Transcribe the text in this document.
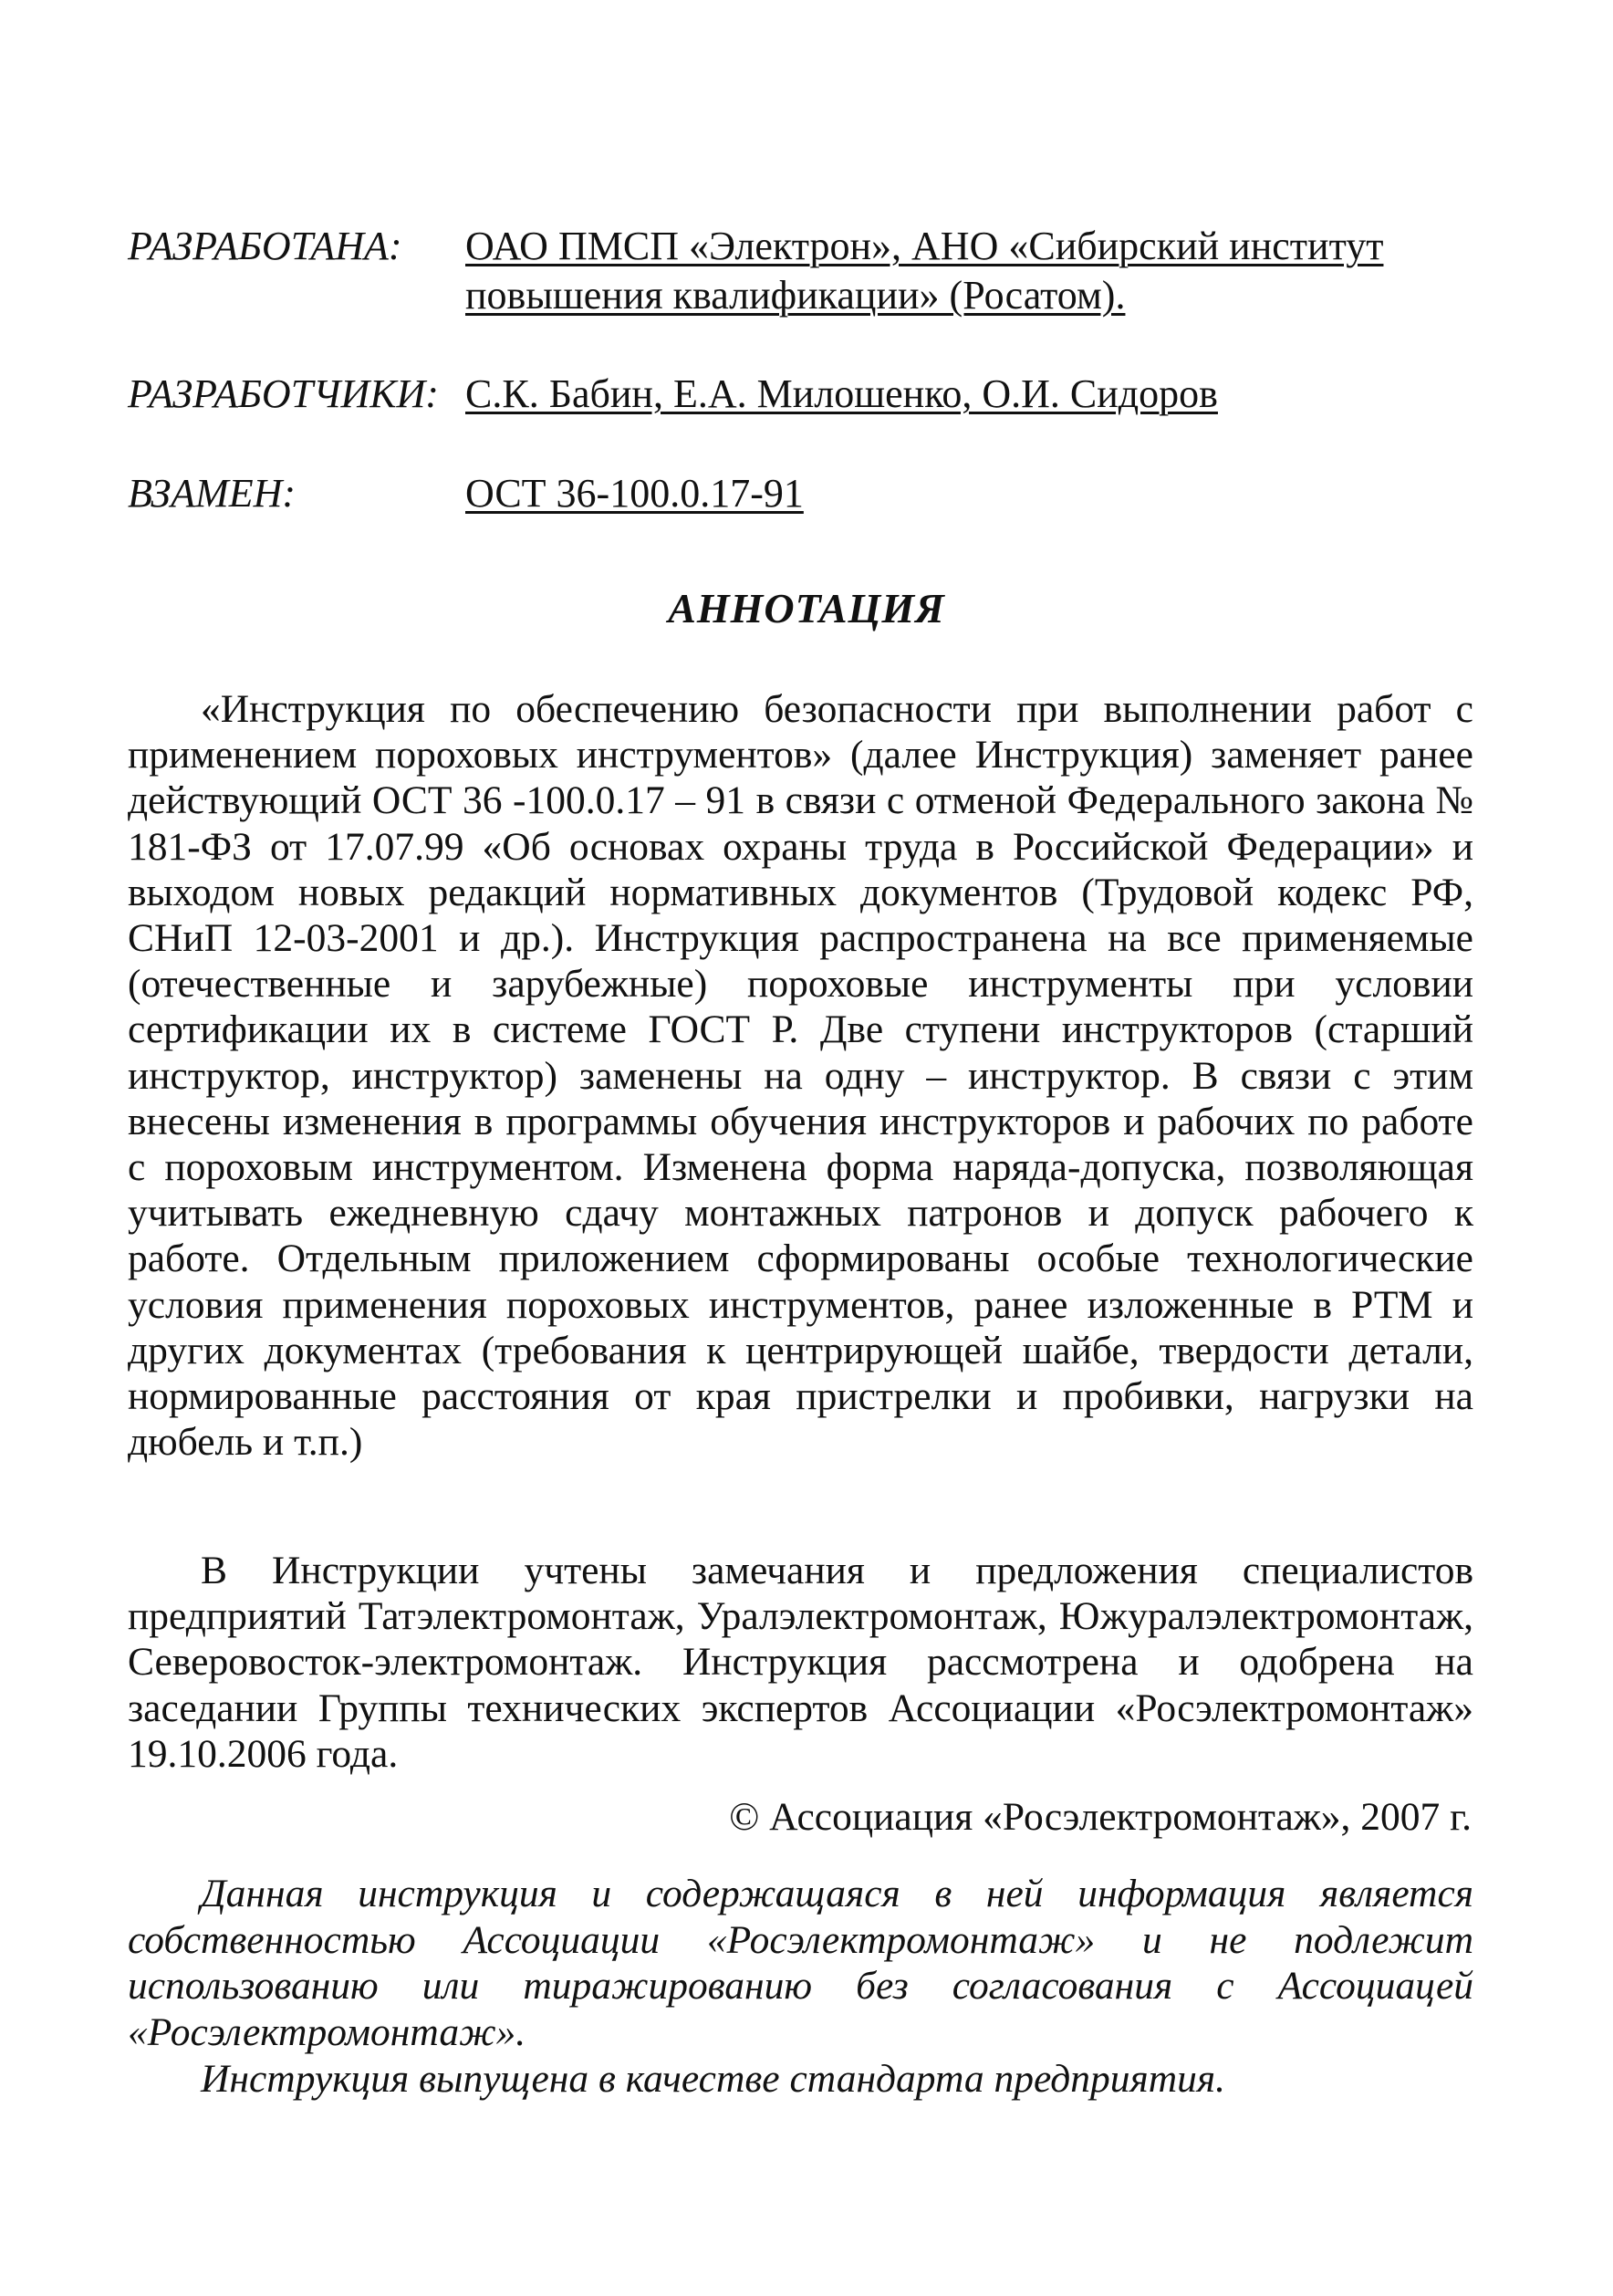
РАЗРАБОТАНА: ОАО ПМСП «Электрон», АНО «Сибирский институт
повышения квалификации» (Росатом).
РАЗРАБОТЧИКИ: С.К. Бабин, Е.А. Милошенко, О.И. Сидоров
ВЗАМЕН:	ОСТ 36-100.0.17-91
АННОТАЦИЯ

«Инструкция по обеспечению безопасности при выполнении работ с применением пороховых инструментов» (далее Инструкция) заменяет ранее действующий ОСТ 36 -100.0.17 – 91 в связи с отменой Федерального закона № 181-ФЗ от 17.07.99 «Об основах охраны труда в Российской Федерации» и выходом новых редакций нормативных документов (Трудовой кодекс РФ, СНиП 12-03-2001 и др.). Инструкция распространена на все применяемые (отечественные и зарубежные) пороховые инструменты при условии сертификации их в системе ГОСТ Р. Две ступени инструкторов (старший инструктор, инструктор) заменены на одну – инструктор. В связи с этим внесены изменения в программы обучения инструкторов и рабочих по работе с пороховым инструментом. Изменена форма наряда-допуска, позволяющая учитывать ежедневную сдачу монтажных патронов и допуск рабочего к работе. Отдельным приложением сформированы особые технологические условия применения пороховых инструментов, ранее изложенные в РТМ и других документах (требования к центрирующей шайбе, твердости детали, нормированные расстояния от края пристрелки и пробивки, нагрузки на дюбель и т.п.)

В Инструкции учтены замечания и предложения специалистов предприятий Татэлектромонтаж, Уралэлектромонтаж, Южуралэлектромонтаж, Северовосток-электромонтаж. Инструкция рассмотрена и одобрена на заседании Группы технических экспертов Ассоциации «Росэлектромонтаж» 19.10.2006 года.

© Ассоциация «Росэлектромонтаж», 2007 г.

Данная инструкция и содержащаяся в ней информация является собственностью Ассоциации «Росэлектромонтаж» и не подлежит использованию или тиражированию без согласования с Ассоциацей «Росэлектромонтаж».

Инструкция выпущена в качестве стандарта предприятия.
